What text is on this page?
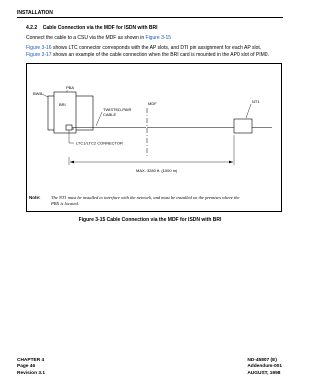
INSTALLATION
4.2.2 Cable Connection via the MDF for ISDN with BRI
Connect the cable to a CSU via the MDF as shown in Figure 3-15
Figure 3-16 shows LTC connector corresponds with the AP slots, and DTI pin assignment for each AP slot.
Figure 3-17 shows an example of the cable connection when the BRI card is mounted in the AP0 slot of PIM0.
BWB
PBA
BRI
TWISTED-PAIR
CABLE
LTC1/LTC2 CONNECTOR
MDF	NT1
MAX. 3280 ft. (1000 m)
Note: The NT1 must be installed to interface with the network, and must be installed on the premises where the
PBX is located.
Figure 3-15 Cable Connection via the MDF for ISDN with BRI
CHAPTER 4
Page 46
Revision 3.1
ND-45807 (E)
Addendum-001
AUGUST, 1998
